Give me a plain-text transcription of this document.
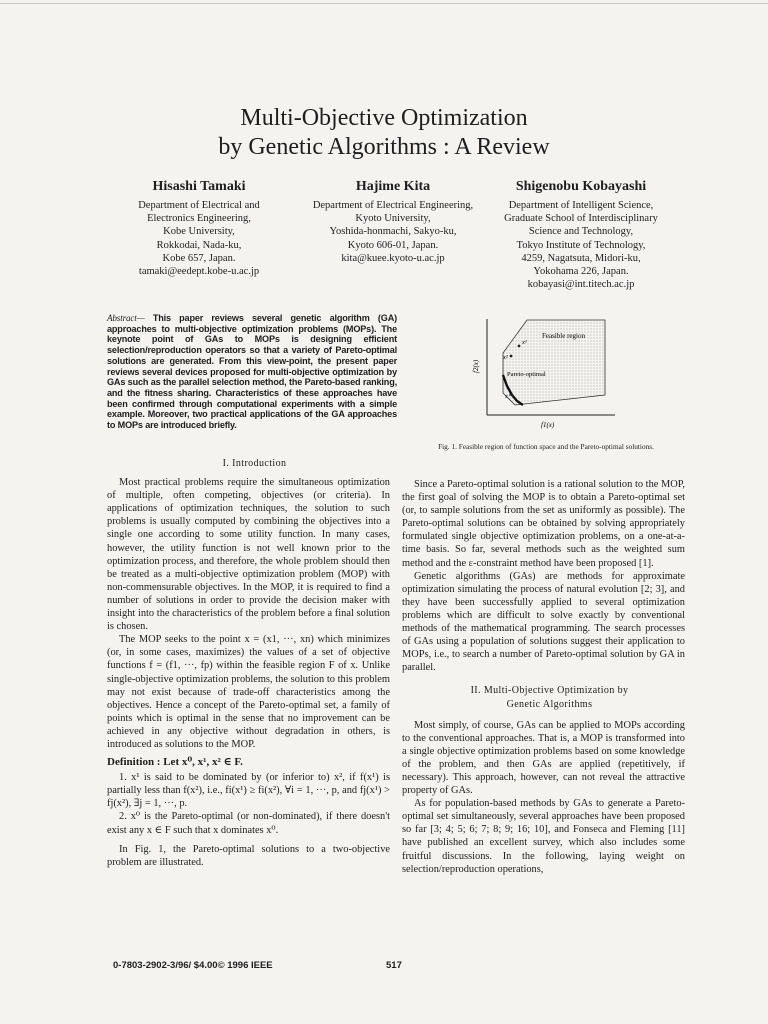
Multi-Objective Optimization
by Genetic Algorithms : A Review
Hisashi Tamaki
Department of Electrical and
Electronics Engineering,
Kobe University,
Rokkodai, Nada-ku,
Kobe 657, Japan.
tamaki@eedept.kobe-u.ac.jp
Hajime Kita
Department of Electrical Engineering,
Kyoto University,
Yoshida-honmachi, Sakyo-ku,
Kyoto 606-01, Japan.
kita@kuee.kyoto-u.ac.jp
Shigenobu Kobayashi
Department of Intelligent Science,
Graduate School of Interdisciplinary
Science and Technology,
Tokyo Institute of Technology,
4259, Nagatsuta, Midori-ku,
Yokohama 226, Japan.
kobayasi@int.titech.ac.jp
Abstract— This paper reviews several genetic algorithm (GA) approaches to multi-objective optimization problems (MOPs). The keynote point of GAs to MOPs is designing efficient selection/reproduction operators so that a variety of Pareto-optimal solutions are generated. From this view-point, the present paper reviews several devices proposed for multi-objective optimization by GAs such as the parallel selection method, the Pareto-based ranking, and the fitness sharing. Characteristics of these approaches have been confirmed through computational experiments with a simple example. Moreover, two practical applications of the GA approaches to MOPs are introduced briefly.
Feasible region
Pareto-optimal
x¹
x²
x⁰
f1(x)
f2(x)
Fig. 1. Feasible region of function space and the Pareto-optimal solutions.

I. Introduction

Most practical problems require the simultaneous optimization of multiple, often competing, objectives (or criteria). In applications of optimization techniques, the solution to such problems is usually computed by combining the objectives into a single one according to some utility function. In many cases, however, the utility function is not well known prior to the optimization process, and therefore, the whole problem should then be treated as a multi-objective optimization problem (MOP) with non-commensurable objectives. In the MOP, it is required to find a number of solutions in order to provide the decision maker with insight into the characteristics of the problem before a final solution is chosen.

The MOP seeks to the point x = (x1, ···, xn) which minimizes (or, in some cases, maximizes) the values of a set of objective functions f = (f1, ···, fp) within the feasible region F of x. Unlike single-objective optimization problems, the solution to this problem may not exist because of trade-off characteristics among the objectives. Hence a concept of the Pareto-optimal set, a family of points which is optimal in the sense that no improvement can be achieved in any objective without degradation in others, is introduced as solutions to the MOP.

Definition : Let x⁰, x¹, x² ∈ F.

1. x¹ is said to be dominated by (or inferior to) x², if f(x¹) is partially less than f(x²), i.e., fi(x¹) ≥ fi(x²), ∀i = 1, ···, p, and fj(x¹) > fj(x²), ∃j = 1, ···, p.

2. x⁰ is the Pareto-optimal (or non-dominated), if there doesn't exist any x ∈ F such that x dominates x⁰.

In Fig. 1, the Pareto-optimal solutions to a two-objective problem are illustrated.

Since a Pareto-optimal solution is a rational solution to the MOP, the first goal of solving the MOP is to obtain a Pareto-optimal set (or, to sample solutions from the set as uniformly as possible). The Pareto-optimal solutions can be obtained by solving appropriately formulated single objective optimization problems, on a one-at-a-time basis. So far, several methods such as the weighted sum method and the ε-constraint method have been proposed [1].

Genetic algorithms (GAs) are methods for approximate optimization simulating the process of natural evolution [2; 3], and they have been successfully applied to several optimization problems which are difficult to solve exactly by conventional methods of the mathematical programming. The search processes of GAs using a population of solutions suggest their application to MOPs, i.e., to search a number of Pareto-optimal solution by GA in parallel.

II. Multi-Objective Optimization by

Genetic Algorithms

Most simply, of course, GAs can be applied to MOPs according to the conventional approaches. That is, a MOP is transformed into a single objective optimization problems based on some knowledge of the problem, and then GAs are applied (repetitively, if necessary). This approach, however, can not reveal the attractive property of GAs.

As for population-based methods by GAs to generate a Pareto-optimal set simultaneously, several approaches have been proposed so far [3; 4; 5; 6; 7; 8; 9; 16; 10], and Fonseca and Fleming [11] have published an excellent survey, which also includes some fruitful discussions. In the following, laying weight on selection/reproduction operations,

0-7803-2902-3/96/ $4.00© 1996 IEEE	517
